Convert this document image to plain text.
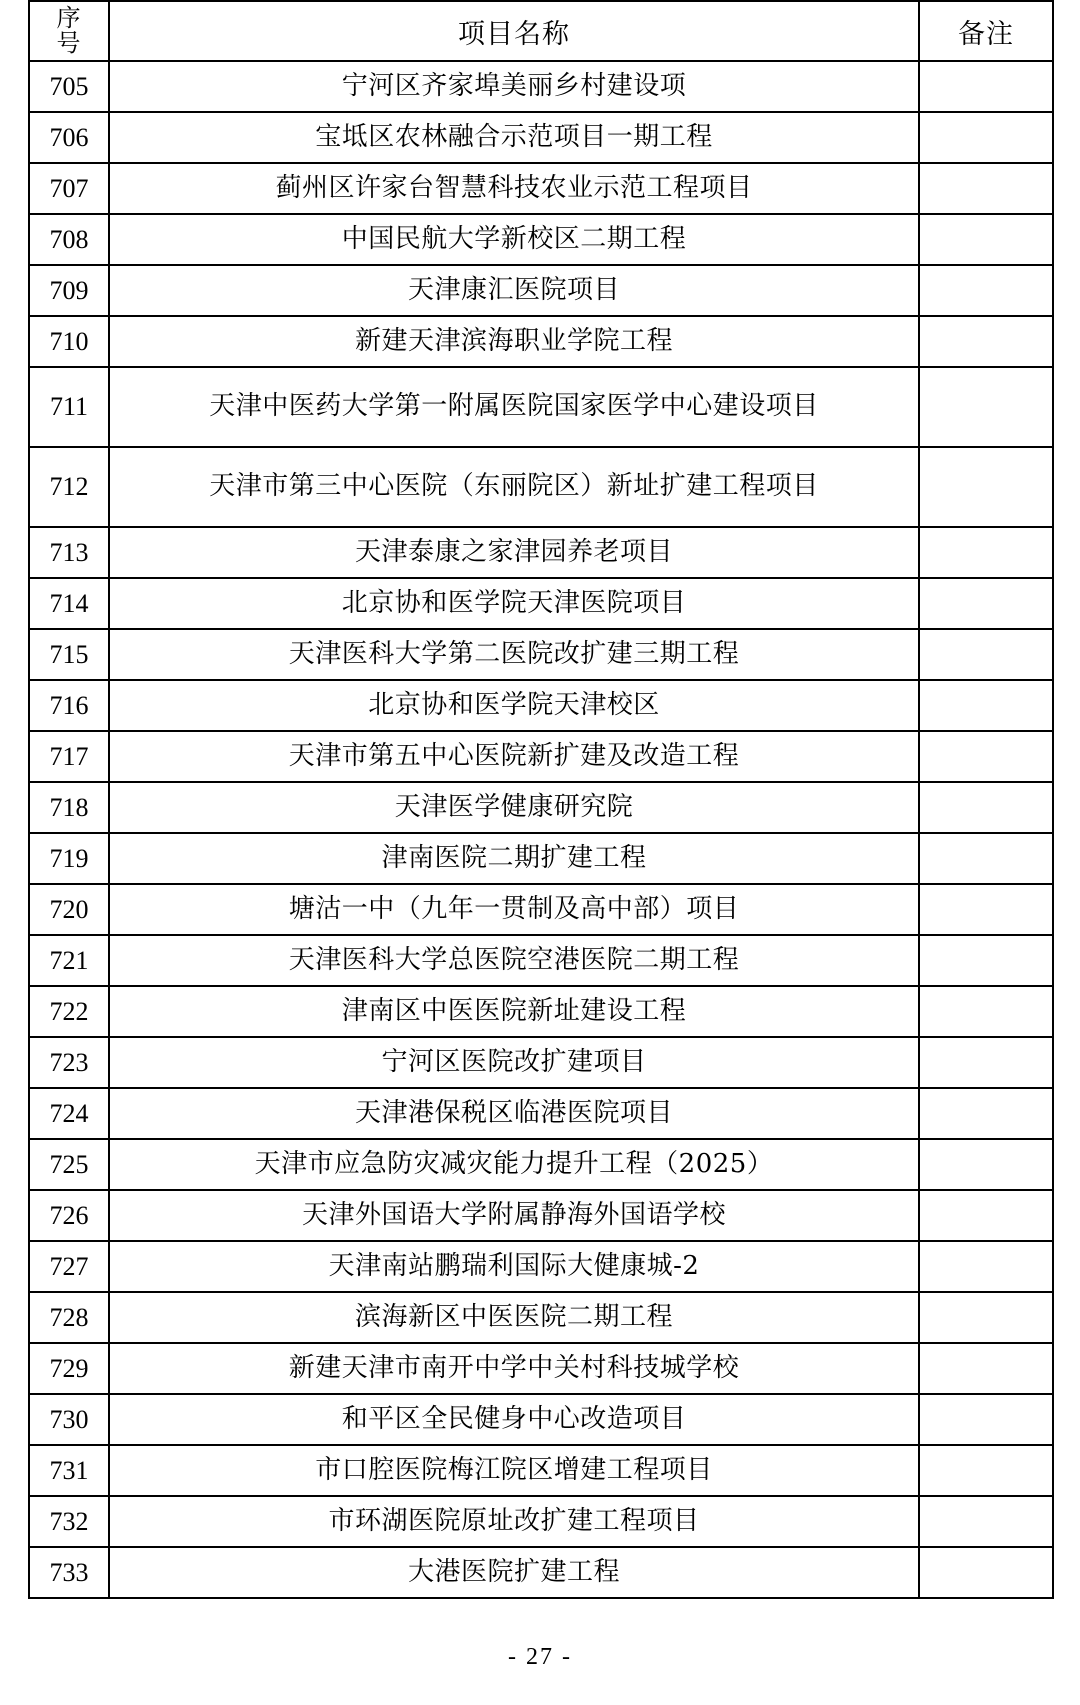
序
号	项目名称	备注
705	宁河区齐家埠美丽乡村建设项	
706	宝坻区农林融合示范项目一期工程	
707	蓟州区许家台智慧科技农业示范工程项目	
708	中国民航大学新校区二期工程	
709	天津康汇医院项目	
710	新建天津滨海职业学院工程	
711	天津中医药大学第一附属医院国家医学中心建设项目	

712	天津市第三中心医院（东丽院区）新址扩建工程项目	

713	天津泰康之家津园养老项目	
714	北京协和医学院天津医院项目	
715	天津医科大学第二医院改扩建三期工程	
716	北京协和医学院天津校区	
717	天津市第五中心医院新扩建及改造工程	
718	天津医学健康研究院	
719	津南医院二期扩建工程	
720	塘沽一中（九年一贯制及高中部）项目	
721	天津医科大学总医院空港医院二期工程	
722	津南区中医医院新址建设工程	
723	宁河区医院改扩建项目	
724	天津港保税区临港医院项目	
725	天津市应急防灾减灾能力提升工程（2025）	
726	天津外国语大学附属静海外国语学校	
727	天津南站鹏瑞利国际大健康城-2	
728	滨海新区中医医院二期工程	
729	新建天津市南开中学中关村科技城学校	
730	和平区全民健身中心改造项目	
731	市口腔医院梅江院区增建工程项目	
732	市环湖医院原址改扩建工程项目	
733	大港医院扩建工程	
- 27 -
